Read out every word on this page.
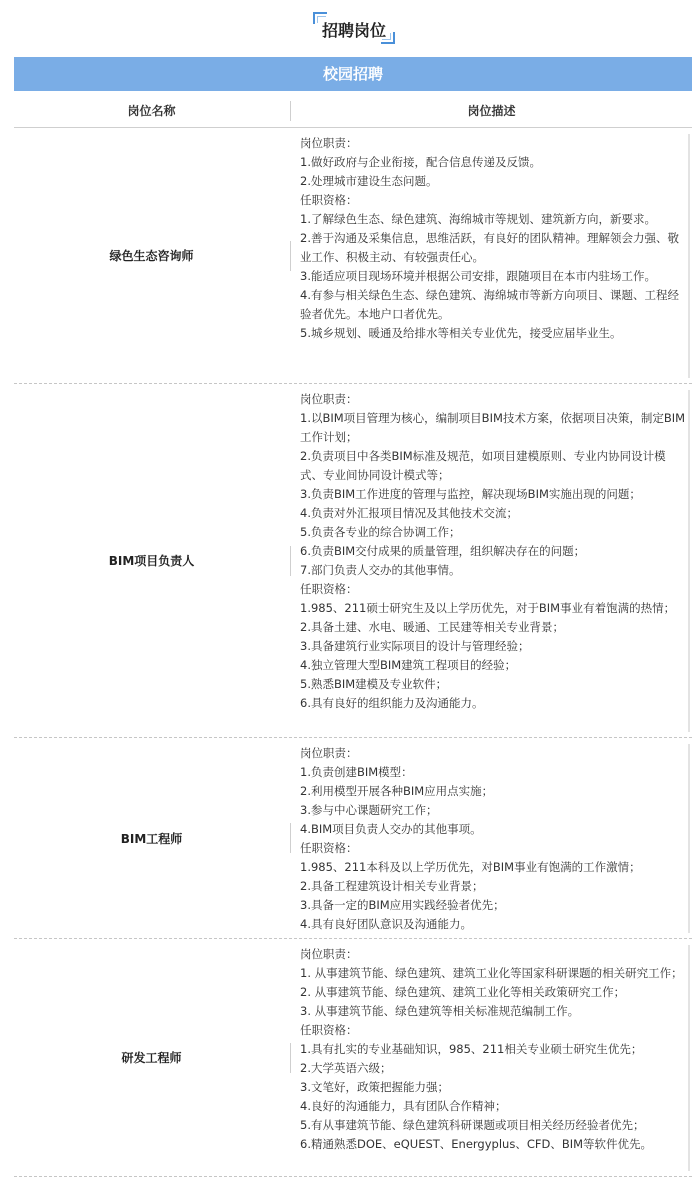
招聘岗位
校园招聘
岗位名称	岗位描述
绿色生态咨询师

岗位职责：

1.做好政府与企业衔接，配合信息传递及反馈。

2.处理城市建设生态问题。

任职资格：

1.了解绿色生态、绿色建筑、海绵城市等规划、建筑新方向，新要求。

2.善于沟通及采集信息，思维活跃，有良好的团队精神。理解领会力强、敬业工作、积极主动、有较强责任心。

3.能适应项目现场环境并根据公司安排，跟随项目在本市内驻场工作。

4.有参与相关绿色生态、绿色建筑、海绵城市等新方向项目、课题、工程经验者优先。本地户口者优先。

5.城乡规划、暖通及给排水等相关专业优先，接受应届毕业生。

BIM项目负责人

岗位职责：

1.以BIM项目管理为核心，编制项目BIM技术方案，依据项目决策，制定BIM工作计划；

2.负责项目中各类BIM标准及规范，如项目建模原则、专业内协同设计模式、专业间协同设计模式等；

3.负责BIM工作进度的管理与监控，解决现场BIM实施出现的问题；

4.负责对外汇报项目情况及其他技术交流；

5.负责各专业的综合协调工作；

6.负责BIM交付成果的质量管理，组织解决存在的问题；

7.部门负责人交办的其他事情。

任职资格：

1.985、211硕士研究生及以上学历优先，对于BIM事业有着饱满的热情；

2.具备土建、水电、暖通、工民建等相关专业背景；

3.具备建筑行业实际项目的设计与管理经验；

4.独立管理大型BIM建筑工程项目的经验；

5.熟悉BIM建模及专业软件；

6.具有良好的组织能力及沟通能力。

BIM工程师

岗位职责：

1.负责创建BIM模型：

2.利用模型开展各种BIM应用点实施；

3.参与中心课题研究工作；

4.BIM项目负责人交办的其他事项。

任职资格：

1.985、211本科及以上学历优先，对BIM事业有饱满的工作激情；

2.具备工程建筑设计相关专业背景；

3.具备一定的BIM应用实践经验者优先；

4.具有良好团队意识及沟通能力。

研发工程师

岗位职责：

1. 从事建筑节能、绿色建筑、建筑工业化等国家科研课题的相关研究工作；

2. 从事建筑节能、绿色建筑、建筑工业化等相关政策研究工作；

3. 从事建筑节能、绿色建筑等相关标准规范编制工作。

任职资格：

1.具有扎实的专业基础知识，985、211相关专业硕士研究生优先；

2.大学英语六级；

3.文笔好，政策把握能力强；

4.良好的沟通能力，具有团队合作精神；

5.有从事建筑节能、绿色建筑科研课题或项目相关经历经验者优先；

6.精通熟悉DOE、eQUEST、Energyplus、CFD、BIM等软件优先。
